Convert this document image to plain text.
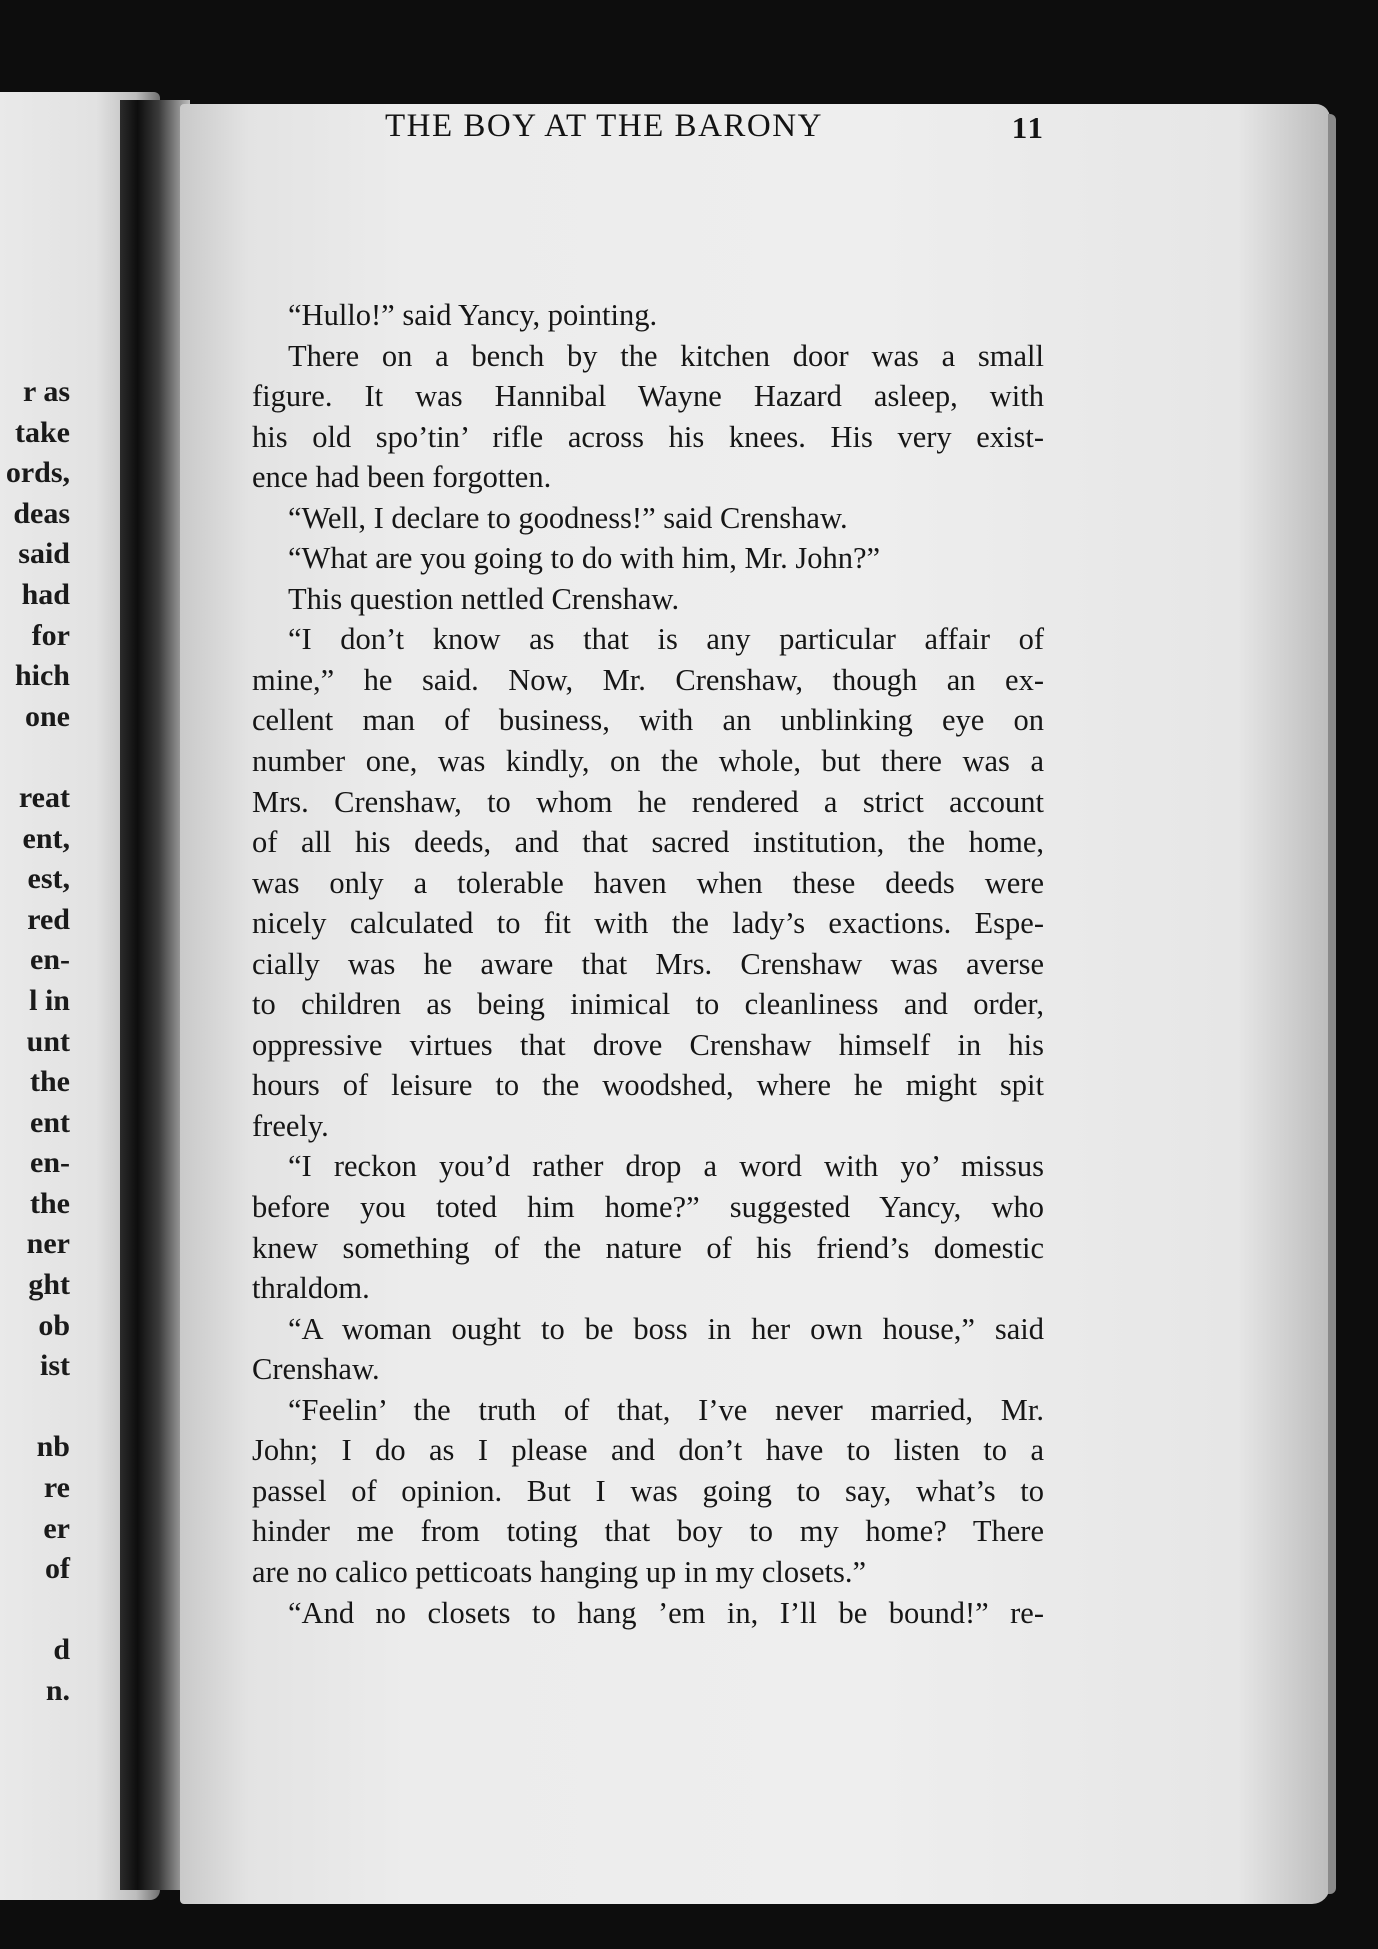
r as
take
ords,
deas
said
had
for
hich
one
reat
ent,
est,
red
en-
l in
unt
the
ent
en-
the
ner
ght
ob
ist
nb
re
er
of
d
n.
THE BOY AT THE BARONY	11
“Hullo!” said Yancy, pointing.
There on a bench by the kitchen door was a small
figure. It was Hannibal Wayne Hazard asleep, with
his old spo’tin’ rifle across his knees. His very exist-
ence had been forgotten.
“Well, I declare to goodness!” said Crenshaw.
“What are you going to do with him, Mr. John?”
This question nettled Crenshaw.
“I don’t know as that is any particular affair of
mine,” he said. Now, Mr. Crenshaw, though an ex-
cellent man of business, with an unblinking eye on
number one, was kindly, on the whole, but there was a
Mrs. Crenshaw, to whom he rendered a strict account
of all his deeds, and that sacred institution, the home,
was only a tolerable haven when these deeds were
nicely calculated to fit with the lady’s exactions. Espe-
cially was he aware that Mrs. Crenshaw was averse
to children as being inimical to cleanliness and order,
oppressive virtues that drove Crenshaw himself in his
hours of leisure to the woodshed, where he might spit
freely.
“I reckon you’d rather drop a word with yo’ missus
before you toted him home?” suggested Yancy, who
knew something of the nature of his friend’s domestic
thraldom.
“A woman ought to be boss in her own house,” said
Crenshaw.
“Feelin’ the truth of that, I’ve never married, Mr.
John; I do as I please and don’t have to listen to a
passel of opinion. But I was going to say, what’s to
hinder me from toting that boy to my home? There
are no calico petticoats hanging up in my closets.”
“And no closets to hang ’em in, I’ll be bound!” re-
